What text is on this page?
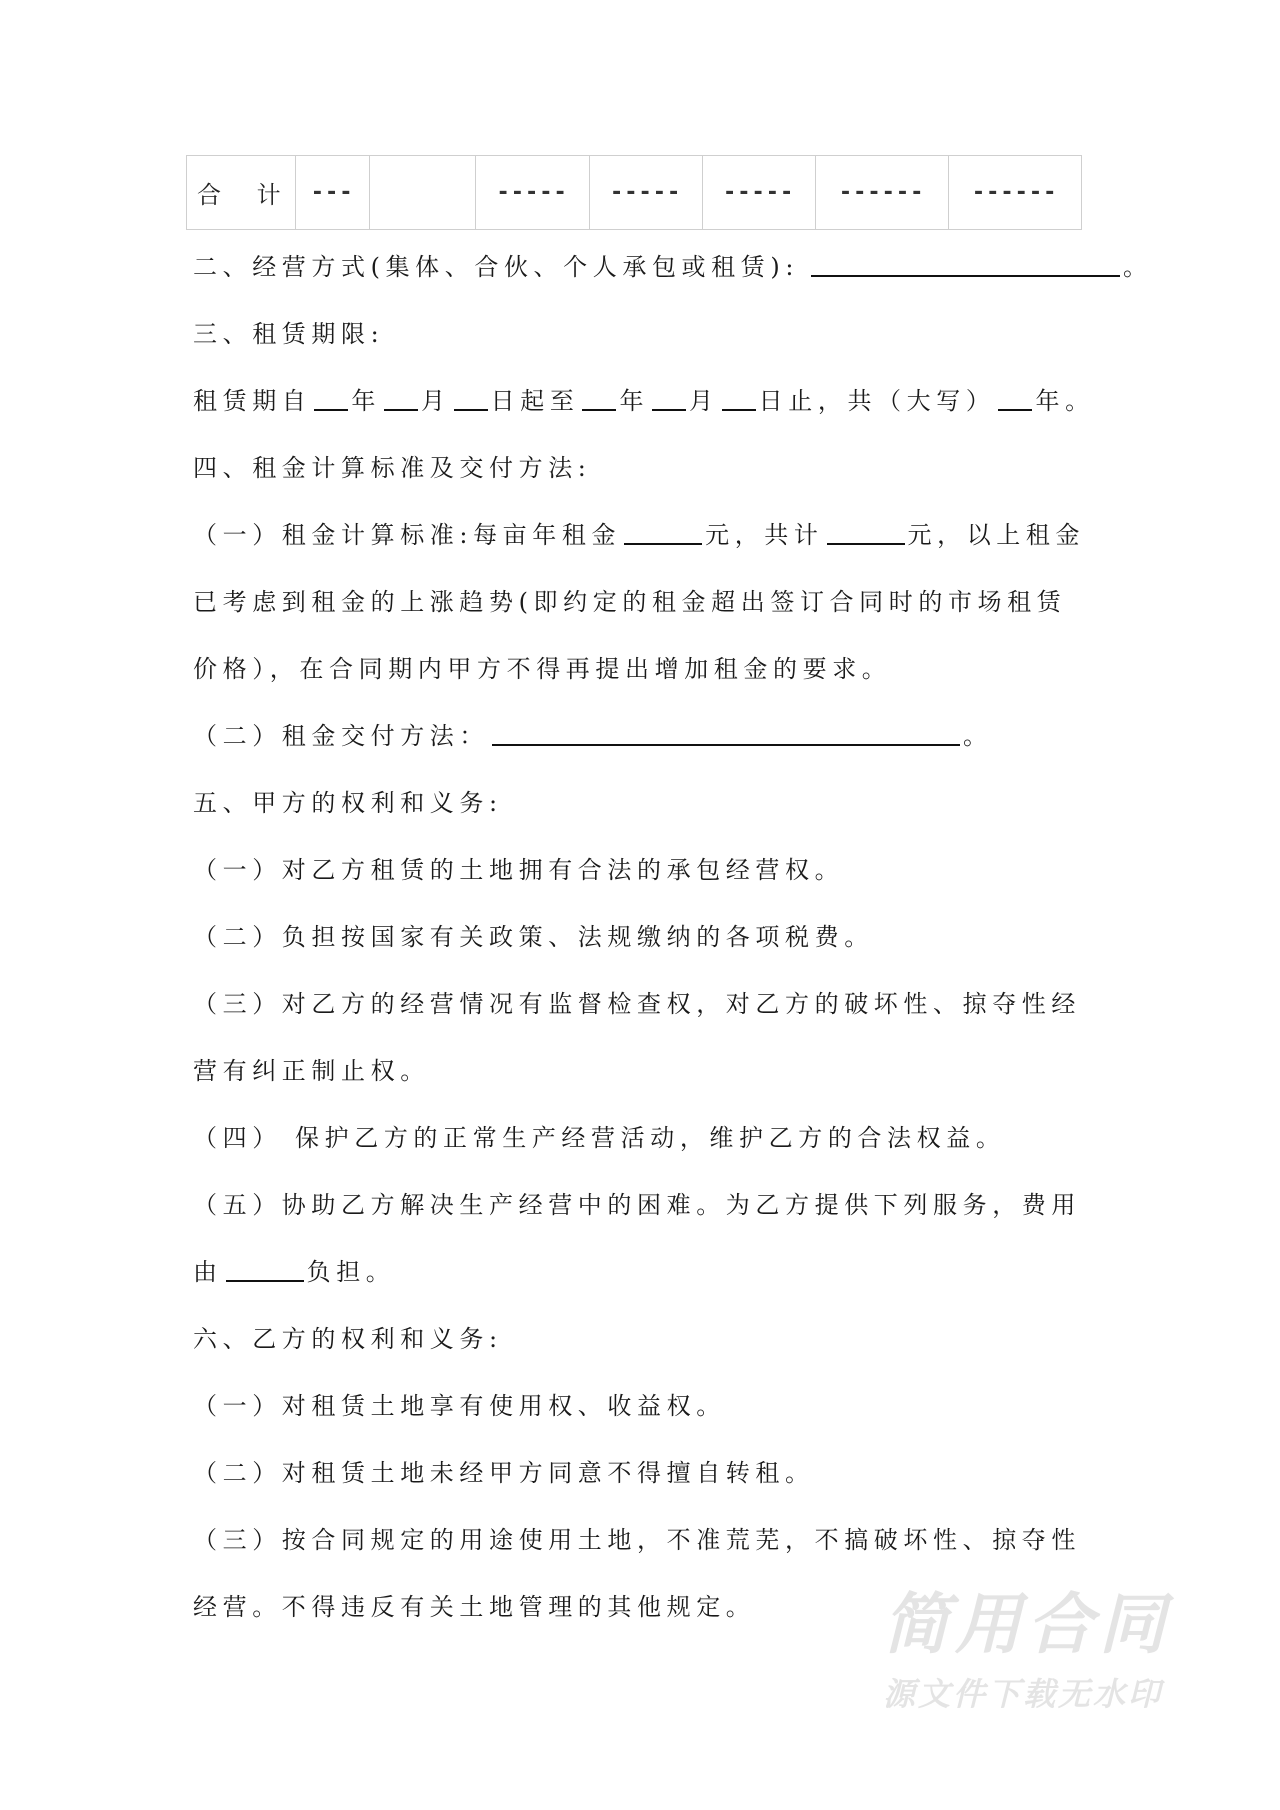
合 计	---		-----	-----	-----	------	------
二、经营方式(集体、合伙、个人承包或租赁):	。
三、租赁期限:
租赁期自 年 月 日起至 年 月 日止，共（大写） 年。
四、租金计算标准及交付方法:
（一）租金计算标准:每亩年租金	元，共计	元，以上租金
已考虑到租金的上涨趋势(即约定的租金超出签订合同时的市场租赁
价格），在合同期内甲方不得再提出增加租金的要求。
（二）租金交付方法：	。
五、甲方的权利和义务:
（一）对乙方租赁的土地拥有合法的承包经营权。
（二）负担按国家有关政策、法规缴纳的各项税费。
（三）对乙方的经营情况有监督检查权，对乙方的破坏性、掠夺性经
营有纠正制止权。
（四） 保护乙方的正常生产经营活动，维护乙方的合法权益。
（五）协助乙方解决生产经营中的困难。为乙方提供下列服务，费用
由	负担。
六、乙方的权利和义务:
（一）对租赁土地享有使用权、收益权。
（二）对租赁土地未经甲方同意不得擅自转租。
（三）按合同规定的用途使用土地，不准荒芜，不搞破坏性、掠夺性
经营。不得违反有关土地管理的其他规定。	简用合同
源文件下载无水印
